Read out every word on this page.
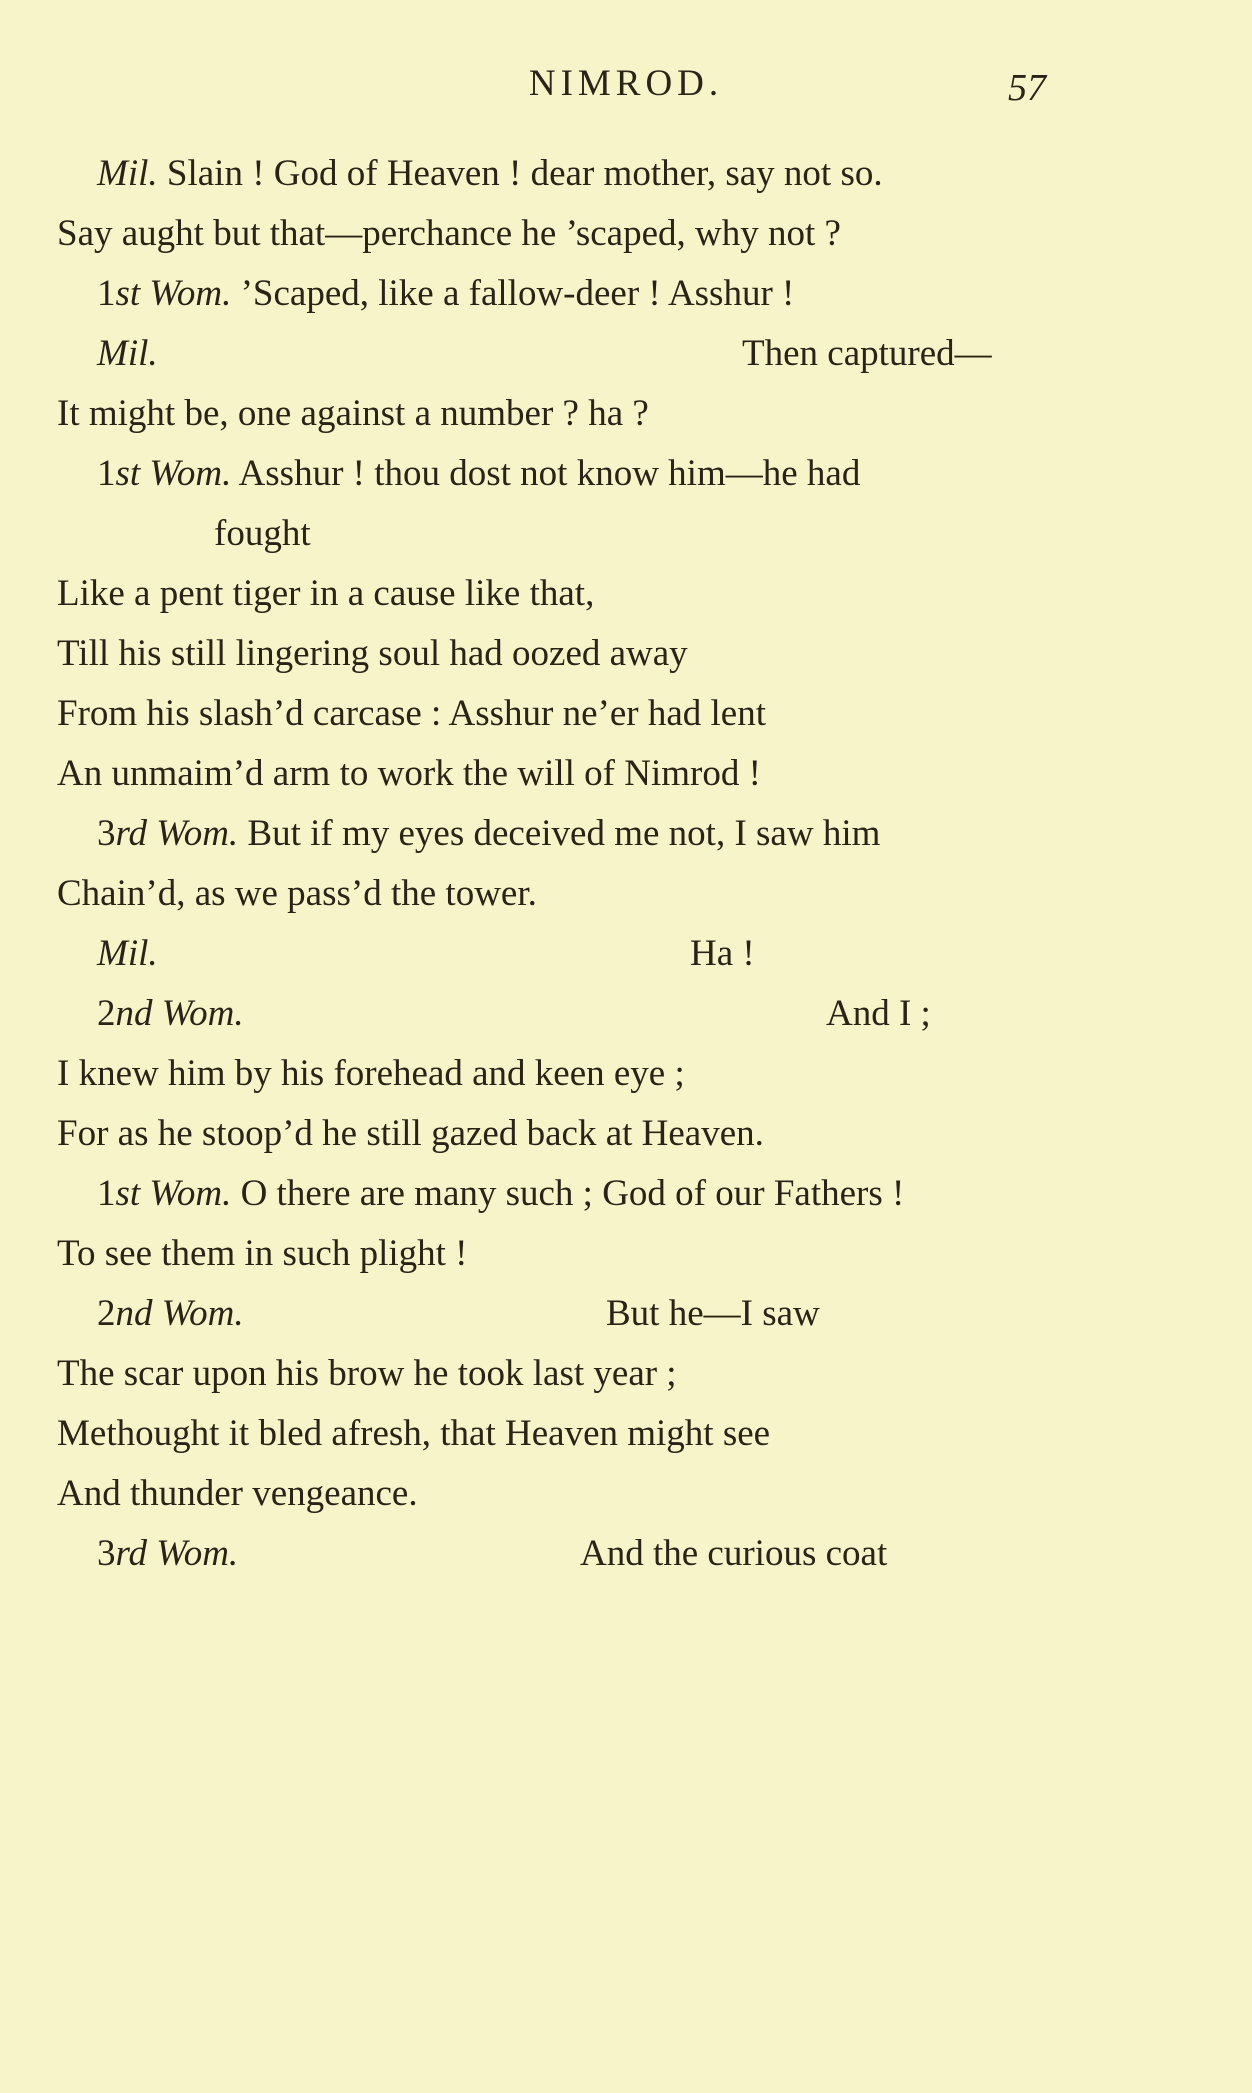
NIMROD.	57
Mil. Slain ! God of Heaven ! dear mother, say not so.
Say aught but that—perchance he ’scaped, why not ?
1st Wom. ’Scaped, like a fallow-deer ! Asshur !
Mil.	Then captured—
It might be, one against a number ? ha ?
1st Wom. Asshur ! thou dost not know him—he had
fought
Like a pent tiger in a cause like that,
Till his still lingering soul had oozed away
From his slash’d carcase : Asshur ne’er had lent
An unmaim’d arm to work the will of Nimrod !
3rd Wom. But if my eyes deceived me not, I saw him
Chain’d, as we pass’d the tower.
Mil.	Ha !
2nd Wom.	And I ;
I knew him by his forehead and keen eye ;
For as he stoop’d he still gazed back at Heaven.
1st Wom. O there are many such ; God of our Fathers !
To see them in such plight !
2nd Wom.	But he—I saw
The scar upon his brow he took last year ;
Methought it bled afresh, that Heaven might see
And thunder vengeance.
3rd Wom.	And the curious coat
